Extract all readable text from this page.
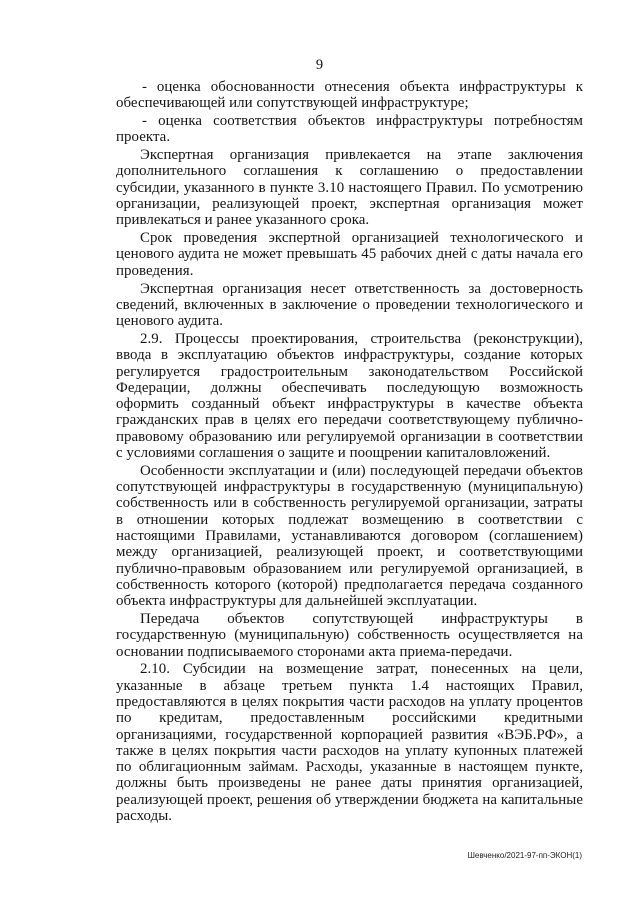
9

- оценка обоснованности отнесения объекта инфраструктуры к обеспечивающей или сопутствующей инфраструктуре;

- оценка соответствия объектов инфраструктуры потребностям проекта.

Экспертная организация привлекается на этапе заключения дополнительного соглашения к соглашению о предоставлении субсидии, указанного в пункте 3.10 настоящего Правил. По усмотрению организации, реализующей проект, экспертная организация может привлекаться и ранее указанного срока.

Срок проведения экспертной организацией технологического и ценового аудита не может превышать 45 рабочих дней с даты начала его проведения.

Экспертная организация несет ответственность за достоверность сведений, включенных в заключение о проведении технологического и ценового аудита.

2.9. Процессы проектирования, строительства (реконструкции), ввода в эксплуатацию объектов инфраструктуры, создание которых регулируется градостроительным законодательством Российской Федерации, должны обеспечивать последующую возможность оформить созданный объект инфраструктуры в качестве объекта гражданских прав в целях его передачи соответствующему публично-правовому образованию или регулируемой организации в соответствии с условиями соглашения о защите и поощрении капиталовложений.

Особенности эксплуатации и (или) последующей передачи объектов сопутствующей инфраструктуры в государственную (муниципальную) собственность или в собственность регулируемой организации, затраты в отношении которых подлежат возмещению в соответствии с настоящими Правилами, устанавливаются договором (соглашением) между организацией, реализующей проект, и соответствующими публично-правовым образованием или регулируемой организацией, в собственность которого (которой) предполагается передача созданного объекта инфраструктуры для дальнейшей эксплуатации.

Передача объектов сопутствующей инфраструктуры в государственную (муниципальную) собственность осуществляется на основании подписываемого сторонами акта приема-передачи.

2.10. Субсидии на возмещение затрат, понесенных на цели, указанные в абзаце третьем пункта 1.4 настоящих Правил, предоставляются в целях покрытия части расходов на уплату процентов по кредитам, предоставленным российскими кредитными организациями, государственной корпорацией развития «ВЭБ.РФ», а также в целях покрытия части расходов на уплату купонных платежей по облигационным займам. Расходы, указанные в настоящем пункте, должны быть произведены не ранее даты принятия организацией, реализующей проект, решения об утверждении бюджета на капитальные расходы.

Шевченко/2021-97-пп-ЭКОН(1)
